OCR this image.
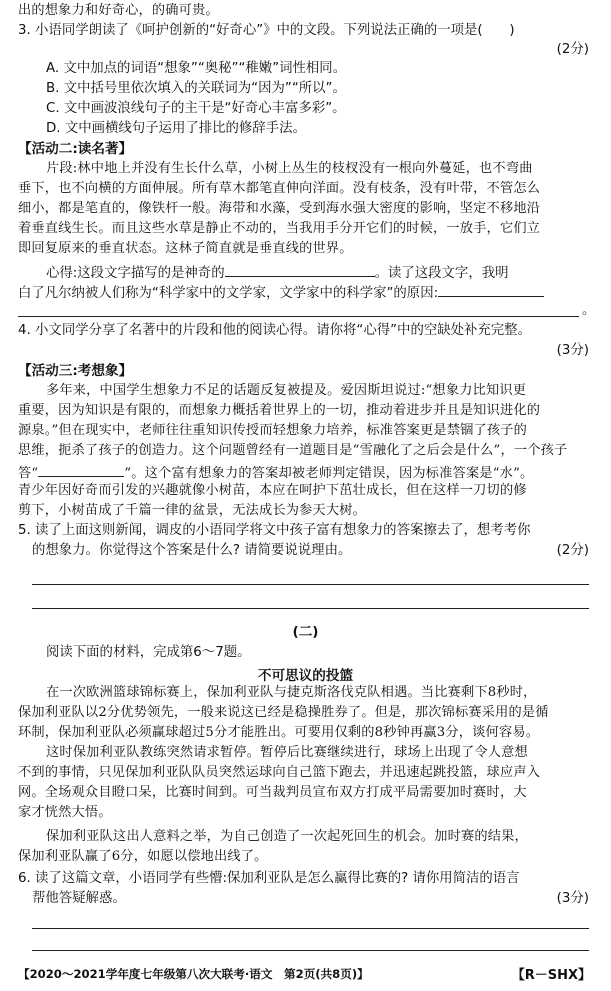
出的想象力和好奇心，的确可贵。
3. 小语同学朗读了《呵护创新的“好奇心”》中的文段。下列说法正确的一项是(　　)
(2分)
A. 文中加点的词语“想象”“奥秘”“稚嫩”词性相同。
B. 文中括号里依次填入的关联词为“因为”“所以”。
C. 文中画波浪线句子的主干是“好奇心丰富多彩”。
D. 文中画横线句子运用了排比的修辞手法。
【活动二:读名著】
片段:林中地上并没有生长什么草，小树上丛生的枝杈没有一根向外蔓延，也不弯曲
垂下，也不向横的方面伸展。所有草木都笔直伸向洋面。没有枝条，没有叶带，不管怎么
细小，都是笔直的，像铁杆一般。海带和水藻，受到海水强大密度的影响，坚定不移地沿
着垂直线生长。而且这些水草是静止不动的，当我用手分开它们的时候，一放手，它们立
即回复原来的垂直状态。这林子简直就是垂直线的世界。
心得:这段文字描写的是神奇的	。读了这段文字，我明
白了凡尔纳被人们称为“科学家中的文学家，文学家中的科学家”的原因:
。
4. 小文同学分享了名著中的片段和他的阅读心得。请你将“心得”中的空缺处补充完整。
(3分)
【活动三:考想象】
多年来，中国学生想象力不足的话题反复被提及。爱因斯坦说过:“想象力比知识更
重要，因为知识是有限的，而想象力概括着世界上的一切，推动着进步并且是知识进化的
源泉。”但在现实中，老师往往重知识传授而轻想象力培养，标准答案更是禁锢了孩子的
思维，扼杀了孩子的创造力。这个问题曾经有一道题目是“雪融化了之后会是什么”，一个孩子
答“	”。这个富有想象力的答案却被老师判定错误，因为标准答案是“水”。
青少年因好奇而引发的兴趣就像小树苗，本应在呵护下茁壮成长，但在这样一刀切的修
剪下，小树苗成了千篇一律的盆景，无法成长为参天大树。
5. 读了上面这则新闻，调皮的小语同学将文中孩子富有想象力的答案擦去了，想考考你
的想象力。你觉得这个答案是什么? 请简要说说理由。	(2分)
(二)
阅读下面的材料，完成第6～7题。
不可思议的投篮
在一次欧洲篮球锦标赛上，保加利亚队与捷克斯洛伐克队相遇。当比赛剩下8秒时，
保加利亚队以2分优势领先，一般来说这已经是稳操胜券了。但是，那次锦标赛采用的是循
环制，保加利亚队必须赢球超过5分才能胜出。可要用仅剩的8秒钟再赢3分，谈何容易。
这时保加利亚队教练突然请求暂停。暂停后比赛继续进行，球场上出现了令人意想
不到的事情，只见保加利亚队队员突然运球向自己篮下跑去，并迅速起跳投篮，球应声入
网。全场观众目瞪口呆，比赛时间到。可当裁判员宣布双方打成平局需要加时赛时，大
家才恍然大悟。
保加利亚队这出人意料之举，为自己创造了一次起死回生的机会。加时赛的结果，
保加利亚队赢了6分，如愿以偿地出线了。
6. 读了这篇文章，小语同学有些懵:保加利亚队是怎么赢得比赛的? 请你用简洁的语言
帮他答疑解惑。	(3分)
【2020～2021学年度七年级第八次大联考·语文　第2页(共8页)】	【R－SHX】
